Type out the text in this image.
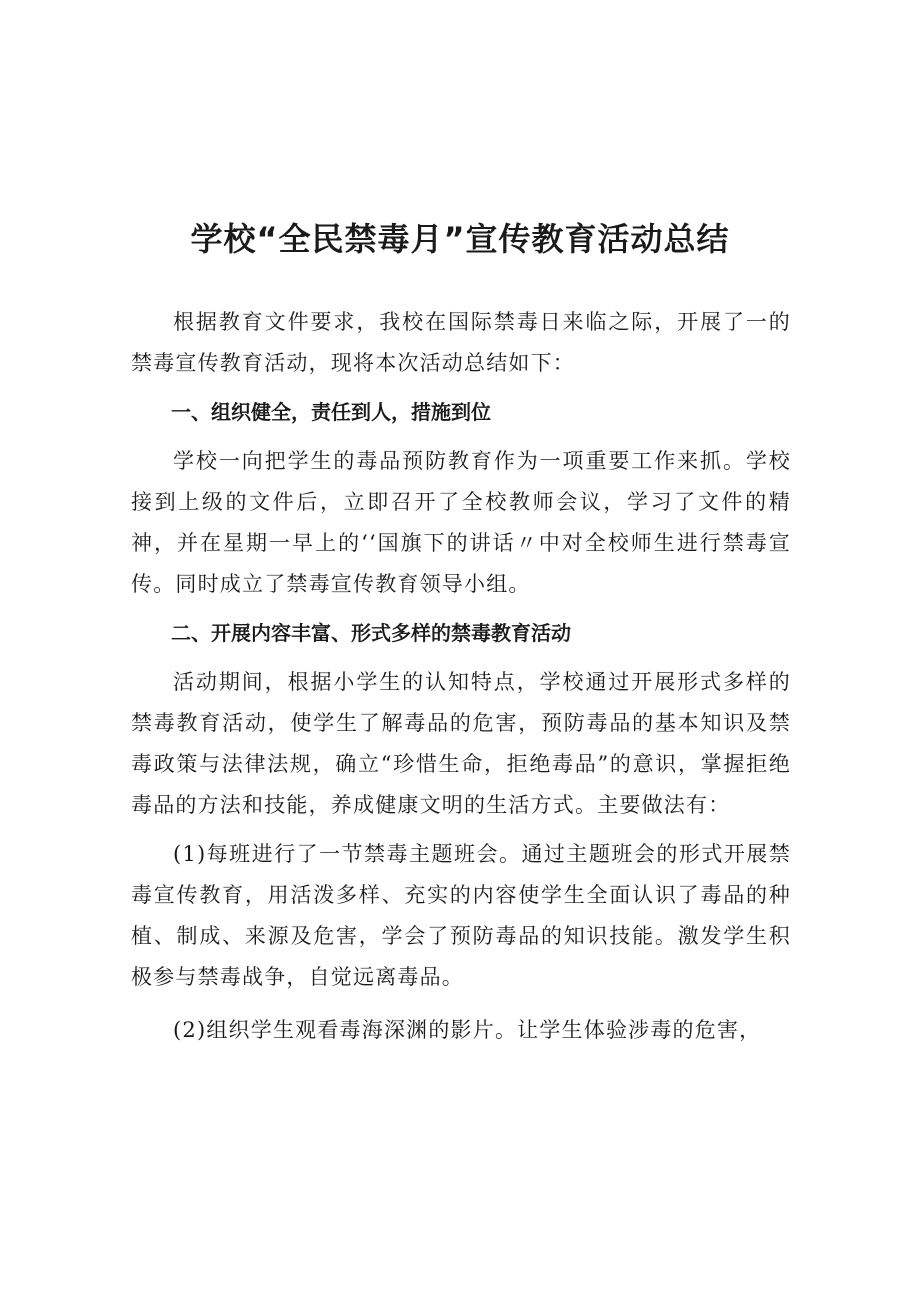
学校“全民禁毒月”宣传教育活动总结

根据教育文件要求，我校在国际禁毒日来临之际，开展了一的禁毒宣传教育活动，现将本次活动总结如下：

一、组织健全，责任到人，措施到位

学校一向把学生的毒品预防教育作为一项重要工作来抓。学校接到上级的文件后，立即召开了全校教师会议，学习了文件的精神，并在星期一早上的‘‘国旗下的讲话〃中对全校师生进行禁毒宣传。同时成立了禁毒宣传教育领导小组。

二、开展内容丰富、形式多样的禁毒教育活动

活动期间，根据小学生的认知特点，学校通过开展形式多样的禁毒教育活动，使学生了解毒品的危害，预防毒品的基本知识及禁毒政策与法律法规，确立“珍惜生命，拒绝毒品”的意识，掌握拒绝毒品的方法和技能，养成健康文明的生活方式。主要做法有：

(1)每班进行了一节禁毒主题班会。通过主题班会的形式开展禁毒宣传教育，用活泼多样、充实的内容使学生全面认识了毒品的种植、制成、来源及危害，学会了预防毒品的知识技能。激发学生积极参与禁毒战争，自觉远离毒品。

(2)组织学生观看毒海深渊的影片。让学生体验涉毒的危害，
